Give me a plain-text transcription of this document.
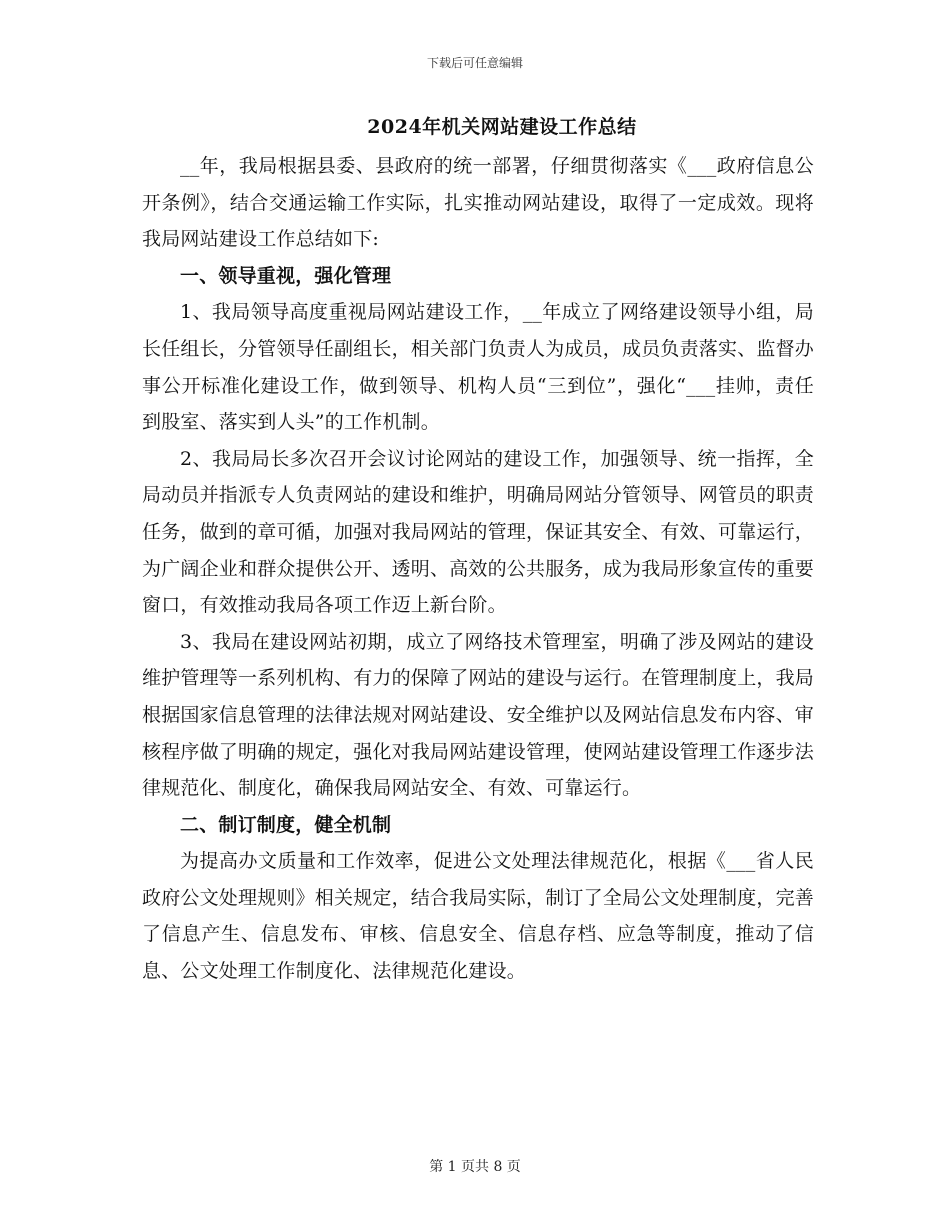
下载后可任意编辑
2024年机关网站建设工作总结

__年，我局根据县委、县政府的统一部署，仔细贯彻落实《___政府信息公开条例》，结合交通运输工作实际，扎实推动网站建设，取得了一定成效。现将我局网站建设工作总结如下:

一、领导重视，强化管理

1、我局领导高度重视局网站建设工作，__年成立了网络建设领导小组，局长任组长，分管领导任副组长，相关部门负责人为成员，成员负责落实、监督办事公开标准化建设工作，做到领导、机构人员“三到位”，强化“___挂帅，责任到股室、落实到人头”的工作机制。

2、我局局长多次召开会议讨论网站的建设工作，加强领导、统一指挥，全局动员并指派专人负责网站的建设和维护，明确局网站分管领导、网管员的职责任务，做到的章可循，加强对我局网站的管理，保证其安全、有效、可靠运行，为广阔企业和群众提供公开、透明、高效的公共服务，成为我局形象宣传的重要窗口，有效推动我局各项工作迈上新台阶。

3、我局在建设网站初期，成立了网络技术管理室，明确了涉及网站的建设维护管理等一系列机构、有力的保障了网站的建设与运行。在管理制度上，我局根据国家信息管理的法律法规对网站建设、安全维护以及网站信息发布内容、审核程序做了明确的规定，强化对我局网站建设管理，使网站建设管理工作逐步法律规范化、制度化，确保我局网站安全、有效、可靠运行。

二、制订制度，健全机制

为提高办文质量和工作效率，促进公文处理法律规范化，根据《___省人民政府公文处理规则》相关规定，结合我局实际，制订了全局公文处理制度，完善了信息产生、信息发布、审核、信息安全、信息存档、应急等制度，推动了信息、公文处理工作制度化、法律规范化建设。

第 1 页共 8 页
